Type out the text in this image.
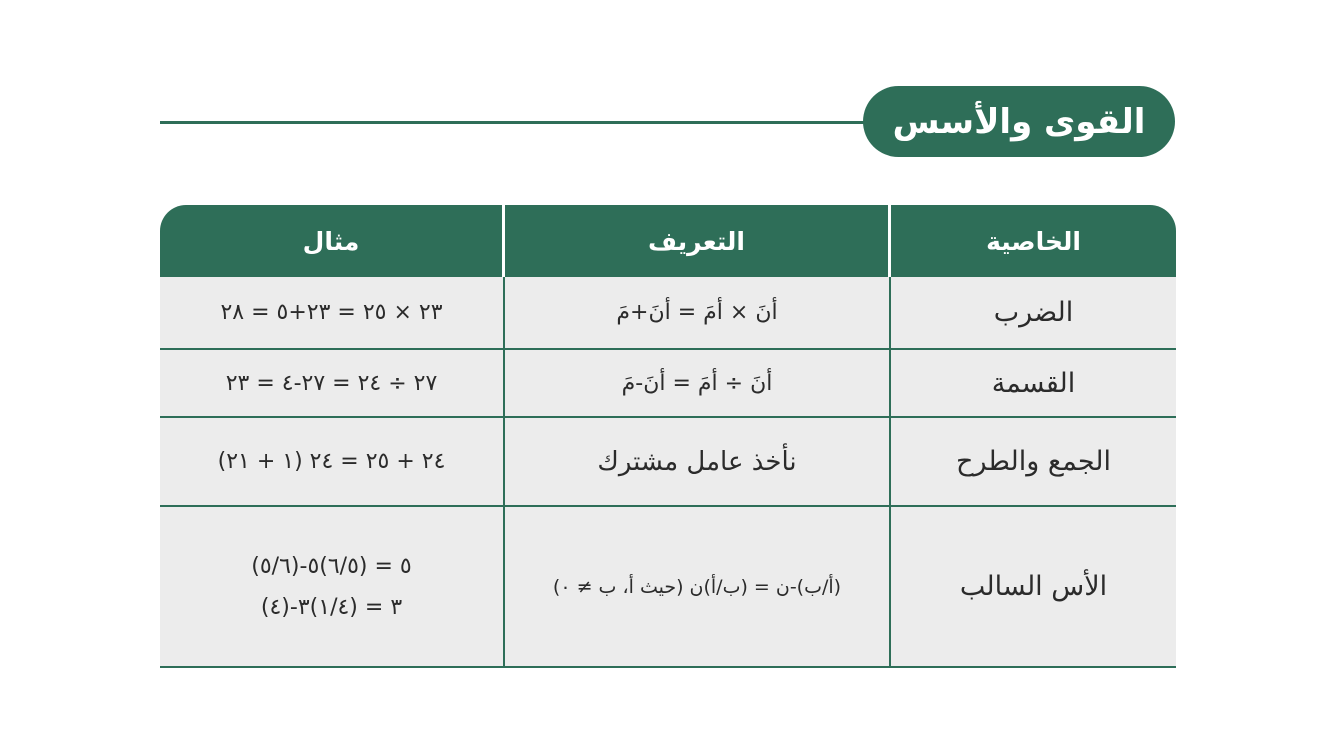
القوى والأسس
الخاصية
التعريف
مثال
الضرب
أنَ × أمَ = أنَ+مَ
٢٣ × ٢٥ = ٢٣+٥ = ٢٨
القسمة
أنَ ÷ أمَ = أنَ-مَ
٢٧ ÷ ٢٤ = ٢٧-٤ = ٢٣
الجمع والطرح
نأخذ عامل مشترك
٢٤ + ٢٥ = ٢٤ (١ + ٢١)
الأس السالب
(أ/ب)-ن = (ب/أ)ن (حيث أ، ب ≠ ٠)
(٥/٦)-٥ = (٦/٥)٥
(٤)-٣ = (١/٤)٣
